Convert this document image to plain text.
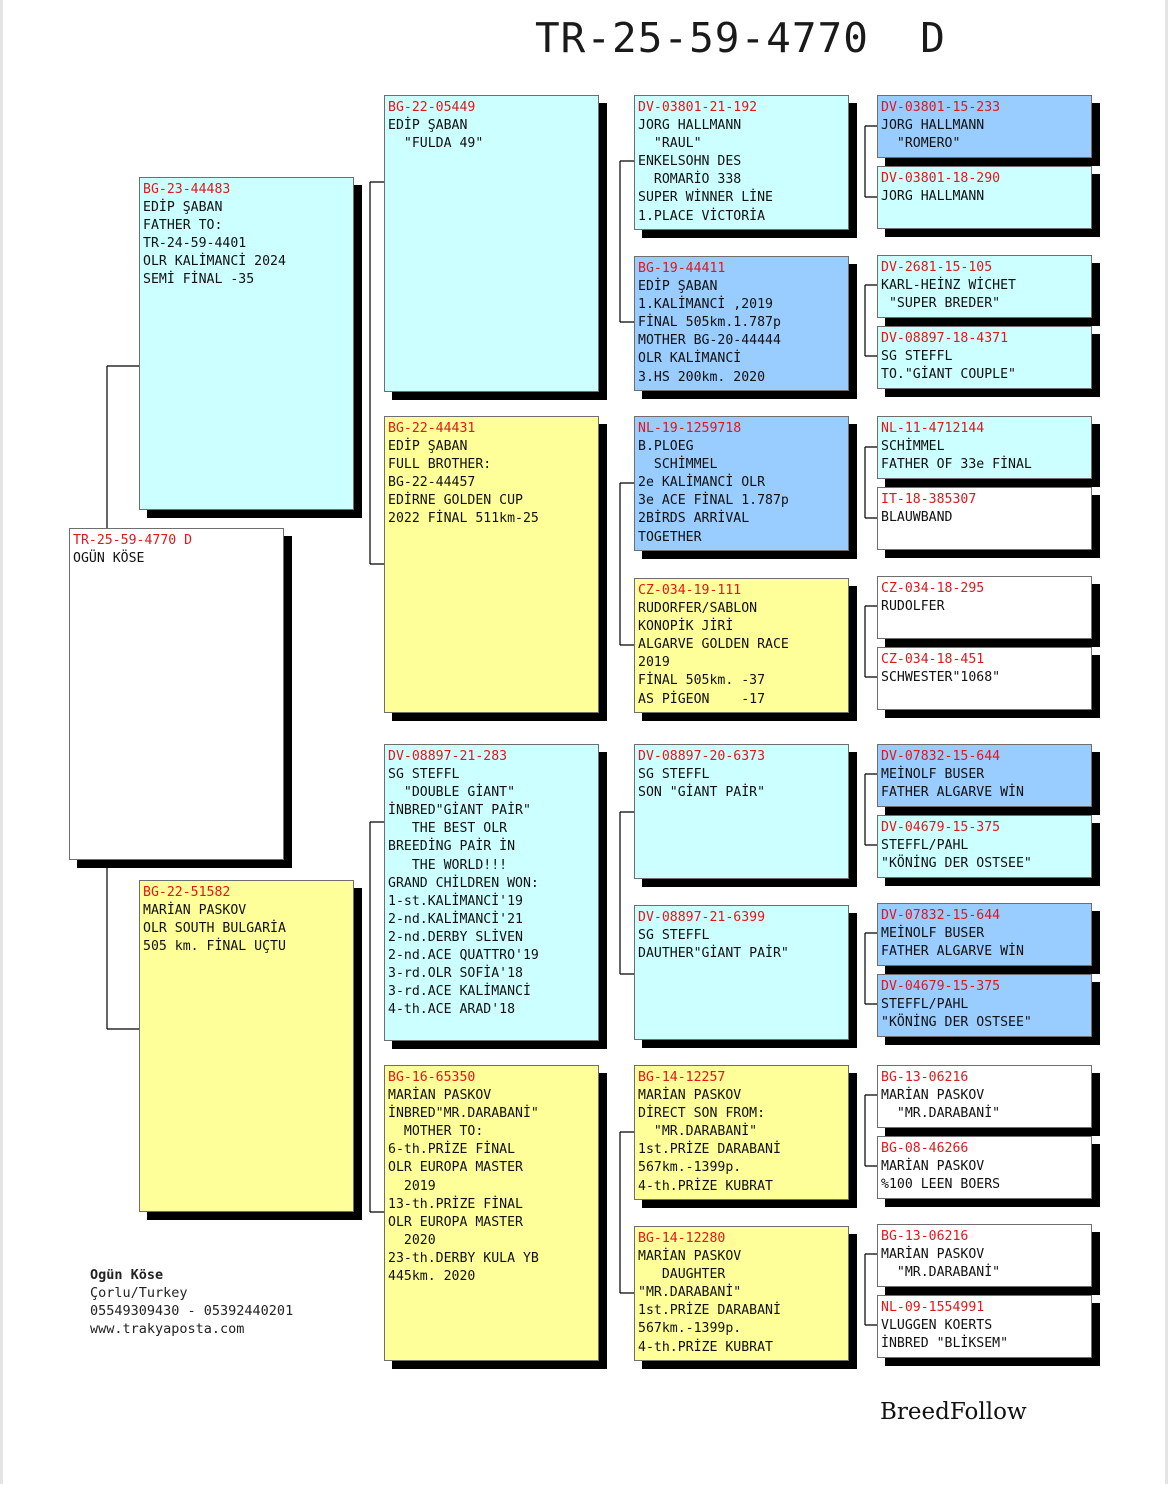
TR-25-59-4770  D
TR-25-59-4770 D
OGÜN KÖSE
BG-23-44483
EDİP ŞABAN
FATHER TO:
TR-24-59-4401
OLR KALİMANCİ 2024
SEMİ FİNAL -35
BG-22-51582
MARİAN PASKOV
OLR SOUTH BULGARİA
505 km. FİNAL UÇTU
BG-22-05449
EDİP ŞABAN
"FULDA 49"
BG-22-44431
EDİP ŞABAN
FULL BROTHER:
BG-22-44457
EDİRNE GOLDEN CUP
2022 FİNAL 511km-25
DV-08897-21-283
SG STEFFL
"DOUBLE GİANT"
İNBRED"GİANT PAİR"
THE BEST OLR
BREEDİNG PAİR İN
THE WORLD!!!
GRAND CHİLDREN WON:
1-st.KALİMANCİ'19
2-nd.KALİMANCİ'21
2-nd.DERBY SLİVEN
2-nd.ACE QUATTRO'19
3-rd.OLR SOFİA'18
3-rd.ACE KALİMANCİ
4-th.ACE ARAD'18
BG-16-65350
MARİAN PASKOV
İNBRED"MR.DARABANİ"
MOTHER TO:
6-th.PRİZE FİNAL
OLR EUROPA MASTER
2019
13-th.PRİZE FİNAL
OLR EUROPA MASTER
2020
23-th.DERBY KULA YB
445km. 2020
DV-03801-21-192
JORG HALLMANN
"RAUL"
ENKELSOHN DES
ROMARİO 338
SUPER WİNNER LİNE
1.PLACE VİCTORİA
BG-19-44411
EDİP ŞABAN
1.KALİMANCİ ,2019
FİNAL 505km.1.787p
MOTHER BG-20-44444
OLR KALİMANCİ
3.HS 200km. 2020
NL-19-1259718
B.PLOEG
SCHİMMEL
2e KALİMANCİ OLR
3e ACE FİNAL 1.787p
2BİRDS ARRİVAL
TOGETHER
CZ-034-19-111
RUDORFER/SABLON
KONOPİK JİRİ
ALGARVE GOLDEN RACE
2019
FİNAL 505km. -37
AS PİGEON    -17
DV-08897-20-6373
SG STEFFL
SON "GİANT PAİR"
DV-08897-21-6399
SG STEFFL
DAUTHER"GİANT PAİR"
BG-14-12257
MARİAN PASKOV
DİRECT SON FROM:
"MR.DARABANİ"
1st.PRİZE DARABANİ
567km.-1399p.
4-th.PRİZE KUBRAT
BG-14-12280
MARİAN PASKOV
DAUGHTER
"MR.DARABANİ"
1st.PRİZE DARABANİ
567km.-1399p.
4-th.PRİZE KUBRAT
DV-03801-15-233
JORG HALLMANN
"ROMERO"
DV-03801-18-290
JORG HALLMANN
DV-2681-15-105
KARL-HEİNZ WİCHET
"SUPER BREDER"
DV-08897-18-4371
SG STEFFL
TO."GİANT COUPLE"
NL-11-4712144
SCHİMMEL
FATHER OF 33e FİNAL
IT-18-385307
BLAUWBAND
CZ-034-18-295
RUDOLFER
CZ-034-18-451
SCHWESTER"1068"
DV-07832-15-644
MEİNOLF BUSER
FATHER ALGARVE WİN
DV-04679-15-375
STEFFL/PAHL
"KÖNİNG DER OSTSEE"
DV-07832-15-644
MEİNOLF BUSER
FATHER ALGARVE WİN
DV-04679-15-375
STEFFL/PAHL
"KÖNİNG DER OSTSEE"
BG-13-06216
MARİAN PASKOV
"MR.DARABANİ"
BG-08-46266
MARİAN PASKOV
%100 LEEN BOERS
BG-13-06216
MARİAN PASKOV
"MR.DARABANİ"
NL-09-1554991
VLUGGEN KOERTS
İNBRED "BLİKSEM"
Ogün Köse
Çorlu/Turkey
05549309430 - 05392440201
www.trakyaposta.com
BreedFollow
